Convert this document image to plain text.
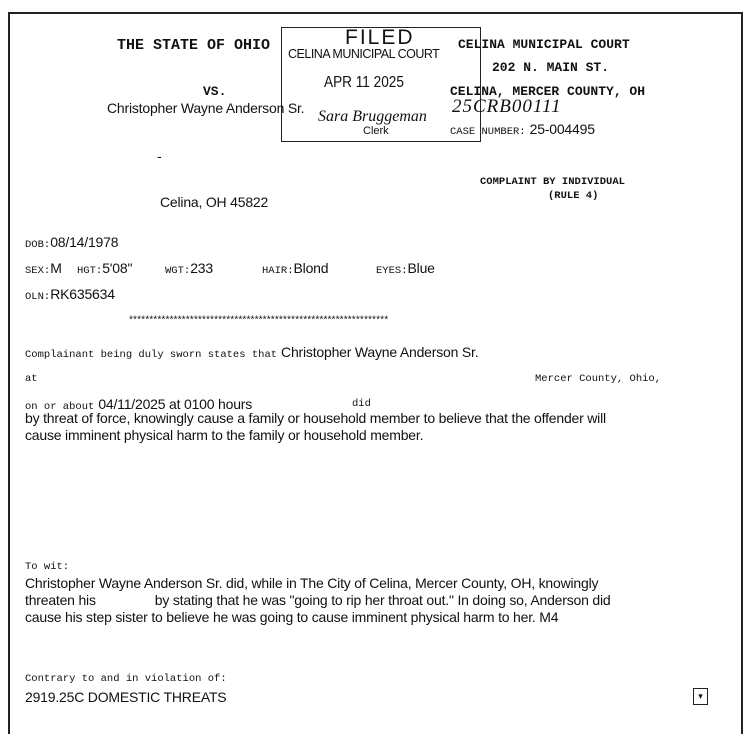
FILED
CELINA MUNICIPAL COURT
APR 11 2025
Sara Bruggeman
Clerk
THE STATE OF OHIO	CELINA MUNICIPAL COURT
202 N. MAIN ST.
CELINA, MERCER COUNTY, OH
VS.
Christopher Wayne Anderson Sr.	25CRB00111
CASE NUMBER: 25-004495
-
COMPLAINT BY INDIVIDUAL
(RULE 4)
Celina, OH 45822
DOB:08/14/1978
SEX:M HGT:5'08"	WGT:233	HAIR:Blond	EYES:Blue
OLN:RK635634
****************************************************************
Complainant being duly sworn states that Christopher Wayne Anderson Sr.
at	Mercer County, Ohio,
on or about 04/11/2025 at 0100 hours	did
by threat of force, knowingly cause a family or household member to believe that the offender will
cause imminent physical harm to the family or household member.
To wit:
Christopher Wayne Anderson Sr. did, while in The City of Celina, Mercer County, OH, knowingly
threaten his                by stating that he was "going to rip her throat out." In doing so, Anderson did
cause his step sister to believe he was going to cause imminent physical harm to her. M4
Contrary to and in violation of:
2919.25C DOMESTIC THREATS	▾
